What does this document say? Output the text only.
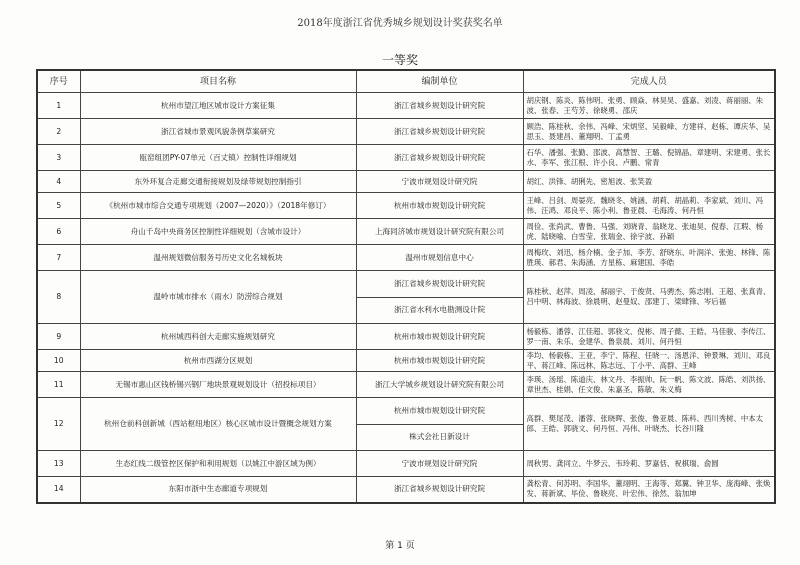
2018年度浙江省优秀城乡规划设计奖获奖名单
一等奖
序号	项目名称	编制单位	完成人员
1	杭州市望江地区城市设计方案征集	浙江省城乡规划设计研究院	胡庆钢、陈炎、陈伟明、张勇、顾焱、林昊昊、盛嘉、刘凌、蒋丽丽、朱波、张春、王芍芳、徐晓勇、邵庆
2	浙江省城市景观风貌条例草案研究	浙江省城乡规划设计研究院	顾浩、陈桂秋、余伟、冯峰、宋炳坚、吴毅峰、方建祥、赵栋、谭庆华、吴思玉、聂建昌、董翔明、丁孟勇
3	瓯窑组团PY-07单元（百丈镇）控制性详细规划	浙江省城乡规划设计研究院	石华、潘强、张勤、邵波、高慧智、王璐、倪锦晶、章建明、宋建勇、张长水、李军、张江根、许小良、卢鹏、常青
4	东外环复合走廊交通衔接规划及绿带规划控制指引	宁波市规划设计研究院	胡红、洪锋、胡俐先、密旭波、张笑盈
5	《杭州市城市综合交通专项规划（2007—2020）》（2018年修订）	杭州市城市规划设计研究院	王峰、吕剑、周晏亮、魏晓冬、姚涵、胡莉、胡晶莉、李家斌、刘川、冯伟、汪鸿、邓良平、陈小利、鲁亚晨、毛海涛、何丹恒
6	舟山千岛中央商务区控制性详细规划（含城市设计）	上海同济城市规划设计研究院有限公司	周俭、张尚武、曹鲁、马强、刘晓青、翁晓龙、张迪昊、倪春、江瑕、杨虎、陆晓喻、白雪莹、张瑞金、徐宇波、孙颖
7	温州规划微信服务号历史文化名城板块	温州市规划信息中心	周梅玫、刘迅、杨介楠、金子加、李芳、舒晓东、叶润洋、张弛、林锋、陈胜瑛、郝君、朱海涵、方星栋、麻建国、李皓
8	温岭市城市排水（雨水）防涝综合规划	浙江省城乡规划设计研究院	陈桂秋、赵萍、周凌、郝丽宇、于俊贤、马骋杰、陈志刚、王超、张真青、吕中明、林海波、徐晨明、赵曼奴、邵建丁、梁肆锋、岑后福
		浙江省水利水电勘测设计院	
9	杭州城西科创大走廊实施规划研究	杭州市城市规划设计研究院	杨毅栋、潘蓉、江佳超、郭骁文、倪彬、周子懿、王皓、马佳骏、李传江、罗一南、朱乐、金建华、鲁泉晨、刘川、何丹恒
10	杭州市西湖分区规划	杭州市城市规划设计研究院	李均、杨毅栋、王亚、李宁、陈程、任晓一、汤恩洋、钟景琳、刘川、邓良平、蒋江峰、陈远林、陈志远、丁小平、高群、王峰
11	无锡市惠山区钱桥锡兴钢厂地块景观规划设计（招投标项目）	浙江大学城乡规划设计研究院有限公司	李瑛、汤瑶、陈道庆、林文丹、李振帅、阮一帆、陈文波、陈皓、刘洪扬、章世杰、桂娟、任文俊、朱嘉圣、陈敏、朱义梅
12	杭州仓前科创新城（西站枢纽地区）核心区城市设计暨概念规划方案	杭州市城市规划设计研究院	高群、樊尾茂、潘蓉、张晓晖、张俊、鲁亚晨、陈科、西川秀树、中本太郎、王皓、郭骁文、何丹恒、冯伟、叶晓杰、长谷川隆
		株式会社日新设计	
13	生态红线二级管控区保护和利用规划（以姚江中游区域为例）	宁波市规划设计研究院	周秋男、龚同立、牛梦云、韦玲莉、罗嘉恬、祝棋瑞、俞圆
14	东阳市浙中生态廊道专项规划	浙江省城乡规划设计研究院	龚松青、何苏明、李国华、董翊明、王海等、郑翼、钟卫华、庞海峰、张焕发、蒋新斌、毕俭、鲁晓亮、叶宏伟、徐然、翁加坤
第 1 页
